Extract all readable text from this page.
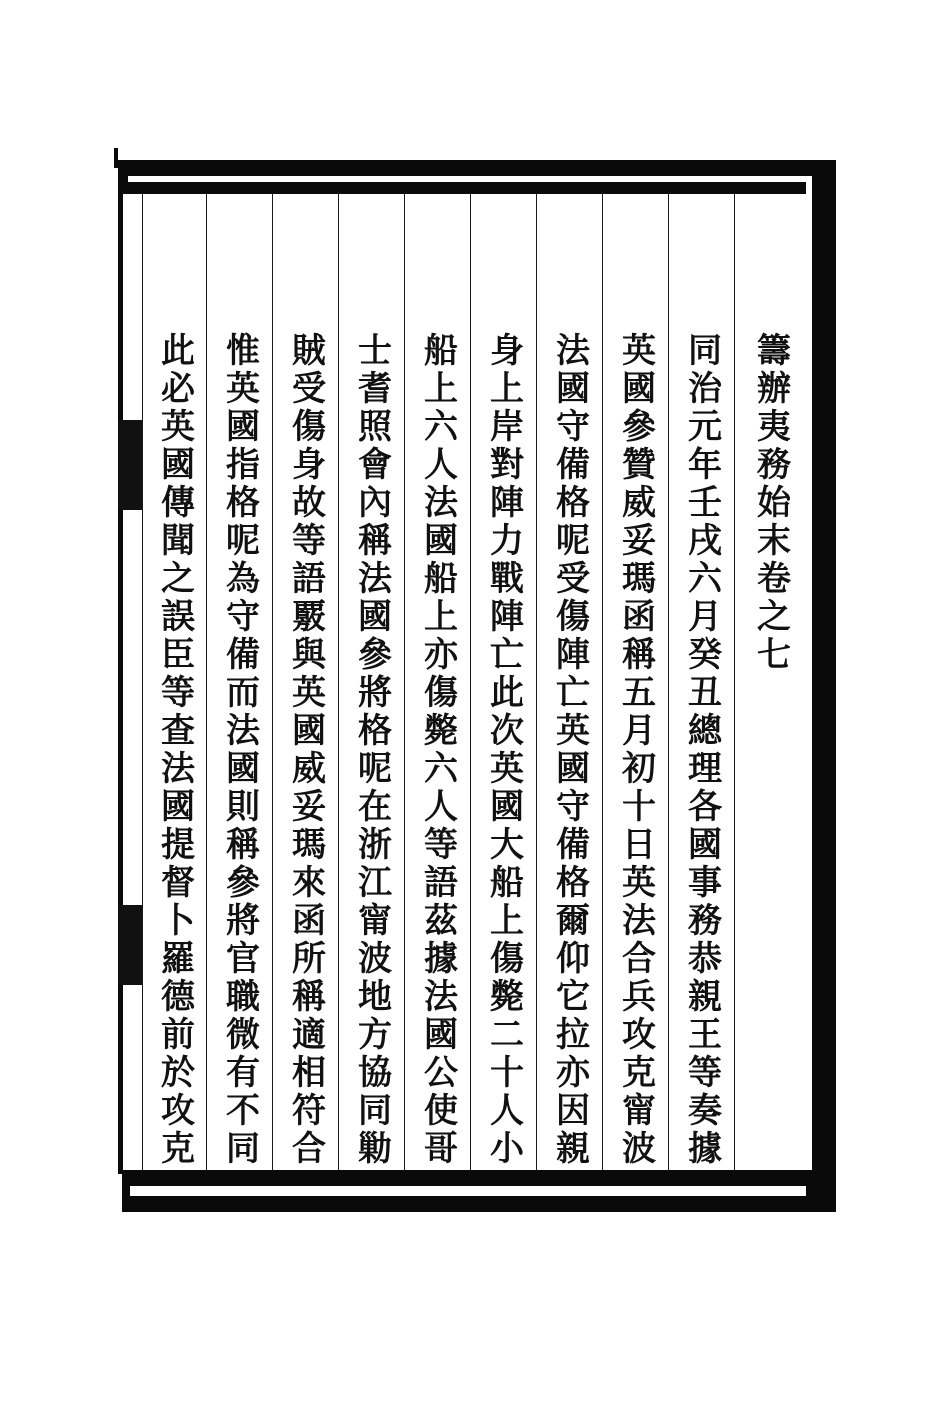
籌辦夷務始末卷之七
同治元年壬戌六月癸丑總理各國事務恭親王等奏據
英國參贊威妥瑪函稱五月初十日英法合兵攻克甯波
法國守備格呢受傷陣亡英國守備格爾仰它拉亦因親
身上岸對陣力戰陣亡此次英國大船上傷斃二十人小
船上六人法國船上亦傷斃六人等語茲據法國公使哥
士耆照會內稱法國參將格呢在浙江甯波地方協同勦
賊受傷身故等語覈與英國威妥瑪來函所稱適相符合
惟英國指格呢為守備而法國則稱參將官職微有不同
此必英國傳聞之誤臣等查法國提督卜羅德前於攻克
